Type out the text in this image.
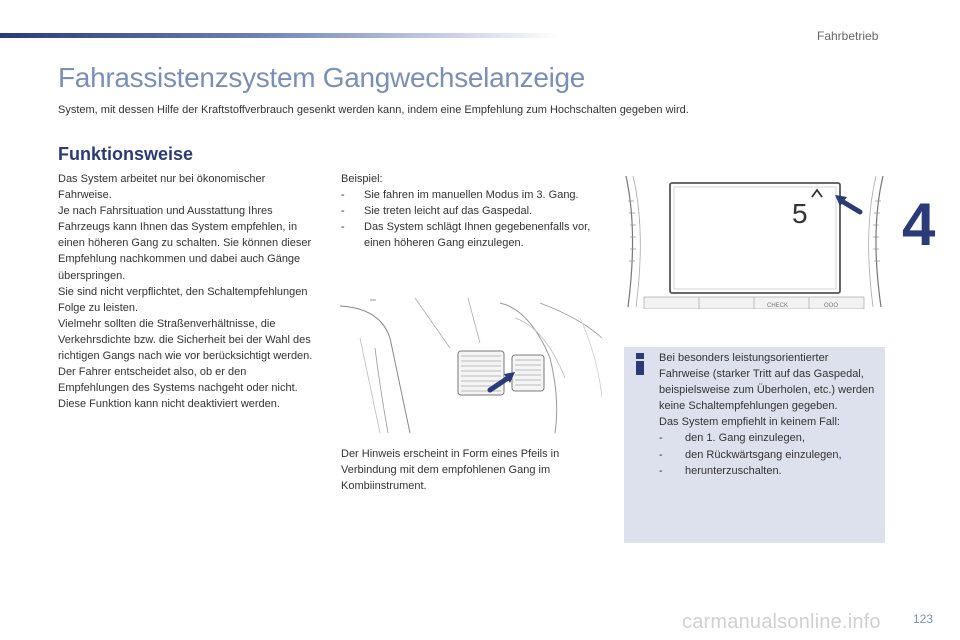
Fahrbetrieb
4
Fahrassistenzsystem Gangwechselanzeige
System, mit dessen Hilfe der Kraftstoffverbrauch gesenkt werden kann, indem eine Empfehlung zum Hochschalten gegeben wird.
Funktionsweise

Das System arbeitet nur bei ökonomischer Fahrweise.

Je nach Fahrsituation und Ausstattung Ihres Fahrzeugs kann Ihnen das System empfehlen, in einen höheren Gang zu schalten. Sie können dieser Empfehlung nachkommen und dabei auch Gänge überspringen.

Sie sind nicht verpflichtet, den Schaltempfehlungen Folge zu leisten.

Vielmehr sollten die Straßenverhältnisse, die Verkehrsdichte bzw. die Sicherheit bei der Wahl des richtigen Gangs nach wie vor berücksichtigt werden. Der Fahrer entscheidet also, ob er den Empfehlungen des Systems nachgeht oder nicht.

Diese Funktion kann nicht deaktiviert werden.

Beispiel:

- Sie fahren im manuellen Modus im 3. Gang.
- Sie treten leicht auf das Gaspedal.
- Das System schlägt Ihnen gegebenenfalls vor, einen höheren Gang einzulegen.
5
CHECK	OOO

Der Hinweis erscheint in Form eines Pfeils in Verbindung mit dem empfohlenen Gang im Kombiinstrument.

Bei besonders leistungsorientierter Fahrweise (starker Tritt auf das Gaspedal, beispielsweise zum Überholen, etc.) werden keine Schaltempfehlungen gegeben.

Das System empfiehlt in keinem Fall:

- den 1. Gang einzulegen,
- den Rückwärtsgang einzulegen,
- herunterzuschalten.
123
carmanualsonline.info
